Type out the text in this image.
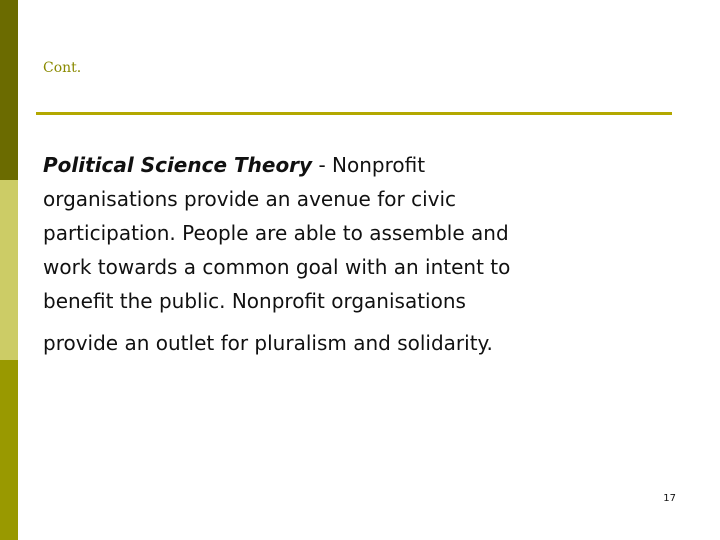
Cont.
Political Science Theory - Nonprofit
organisations provide an avenue for civic
participation. People are able to assemble and
work towards a common goal with an intent to
benefit the public. Nonprofit organisations
provide an outlet for pluralism and solidarity.
17
